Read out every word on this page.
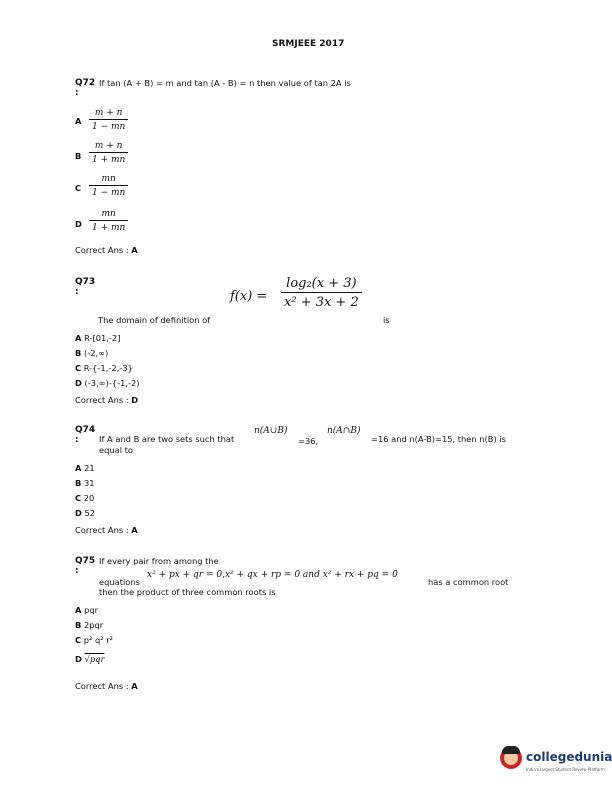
SRMJEEE 2017
Q72 If tan (A + B) = m and tan (A - B) = n then value of tan 2A is
:
A
m + n
1 − mn
B
m + n
1 + mn
C
mn
1 − mn
D
mn
1 + mn
Correct Ans : A
Q73
:	f(x) =
log₂(x + 3)
x² + 3x + 2
The domain of definition of	is
A R-[01,-2]
B (-2,∞)
C R-{-1,-2,-3}
D (-3,∞)-{-1,-2)
Correct Ans : D
Q74
: If A and B are two sets such that
n(A∪B)
=36,
n(A∩B)
=16 and n(A-B)=15, then n(B) is
equal to
A 21
B 31
C 20
D 52
Correct Ans : A
Q75 If every pair from among the
:
equations
x² + px + qr = 0,x² + qx + rp = 0 and x² + rx + pq = 0
has a common root
then the product of three common roots is
A pqr
B 2pqr
C p² q² r²
D √pqr
Correct Ans : A
collegedunia
India's largest Student Review Platform
